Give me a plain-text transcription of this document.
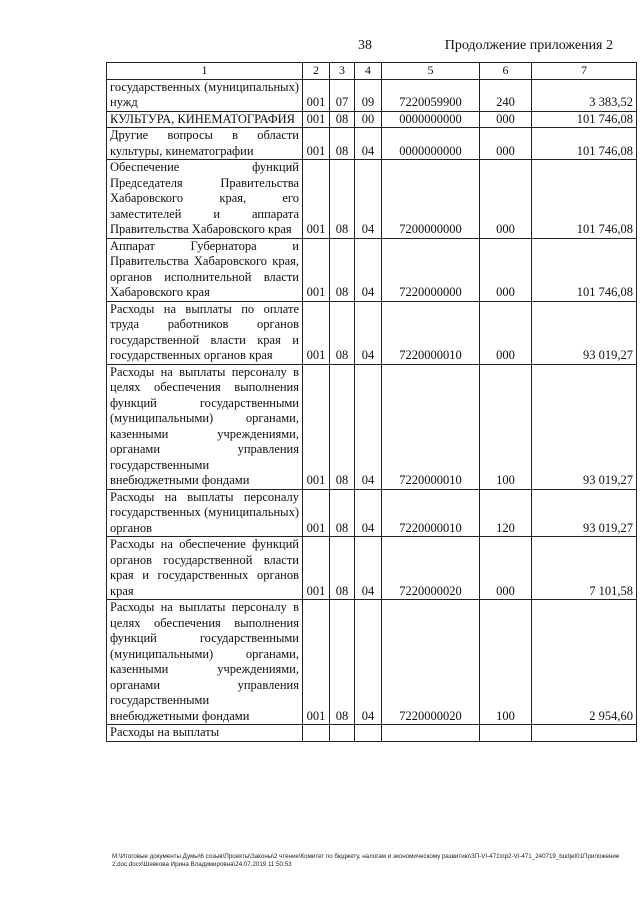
38	Продолжение приложения 2
1	2	3	4	5	6	7
государственных (муниципальных) нужд	001	07	09	7220059900	240	3 383,52
КУЛЬТУРА, КИНЕМАТОГРАФИЯ	001	08	00	0000000000	000	101 746,08
Другие вопросы в области культуры, кинематографии	001	08	04	0000000000	000	101 746,08
Обеспечение функций Председателя Правительства Хабаровского края, его заместителей и аппарата Правительства Хабаровского края	001	08	04	7200000000	000	101 746,08
Аппарат Губернатора и Правительства Хабаровского края, органов исполнительной власти Хабаровского края	001	08	04	7220000000	000	101 746,08
Расходы на выплаты по оплате труда работников органов государственной власти края и государственных органов края	001	08	04	7220000010	000	93 019,27
Расходы на выплаты персоналу в целях обеспечения выполнения функций государственными (муниципальными) органами, казенными учреждениями, органами управления государственными внебюджетными фондами	001	08	04	7220000010	100	93 019,27
Расходы на выплаты персоналу государственных (муниципальных) органов	001	08	04	7220000010	120	93 019,27
Расходы на обеспечение функций органов государственной власти края и государственных органов края	001	08	04	7220000020	000	7 101,58
Расходы на выплаты персоналу в целях обеспечения выполнения функций государственными (муниципальными) органами, казенными учреждениями, органами управления государственными внебюджетными фондами	001	08	04	7220000020	100	2 954,60
Расходы на выплаты						
M:\Итоговые документы Думы\6 созыв\Проекты\Законы\2 чтение\Комитет по бюджету, налогам и экономическому развитию\ЗП-VI-471\пр2-VI-471_240719_budjet01Приложение 2.doc.docx\Шевкова Ирина Владимировна\24.07.2019 11:50:53
